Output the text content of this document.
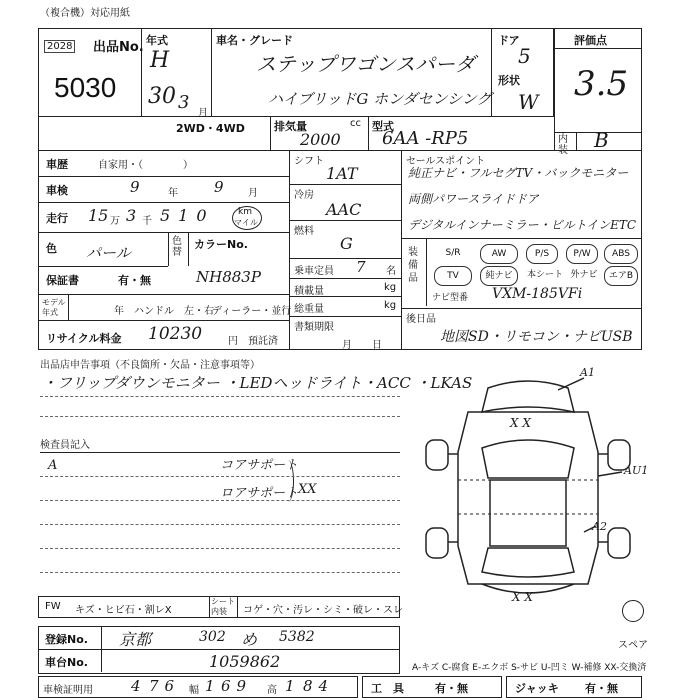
（複合機）対応用紙
2028 出品No.
5030
年式
H
30 3
月
車名・グレード
ステップワゴンスパーダ
ハイブリッドG ホンダセンシング
ドア
5
形状
W
評価点
3.5
内装 B
2WD・4WD	排気量	cc
2000
型式
6AA -RP5
車歴	自家用・（　　　　）
車検	9	年 9 月
走行 15 万 3 千 510	km
マイル
色 パール
色替
カラーNo.
保証書	有・無	NH883P
モデル年式	年　ハンドル　左・右
ディーラー・並行
リサイクル料金 10230	円　預託済
シフト
1AT
冷房
AAC
燃料
G
乗車定員 7 名
積載量	kg
総重量	kg
書類期限
月　　日
セールスポイント
純正ナビ・フルセグTV・バックモニター
両側パワースライドドア
デジタルインナーミラー・ビルトインETC
装備品
S/R	AW	P/S	P/W	ABS
TV	純ナビ	本シート 外ナビ	エアB
ナビ型番 VXM-185VFi
後日品
地図SD・リモコン・ナビUSB
出品店申告事項（不良箇所・欠品・注意事項等）
・フリップダウンモニター ・LEDヘッドライト・ACC ・LKAS
検査員記入
A	コアサポート
ロアサポート XX
A1
X X
AU1
A2
X X
スペア
A-キズ C-腐食 E-エクボ S-サビ U-凹ミ W-補修 XX-交換済
FW キズ・ヒビ石・割レX
シート内装	コゲ・穴・汚レ・シミ・破レ・スレ
登録No. 京都	302 め 5382
車台No.	1059862
車検証明用	4 76 幅 1 69 高 1 84	工　具	有・無	ジャッキ 有・無
